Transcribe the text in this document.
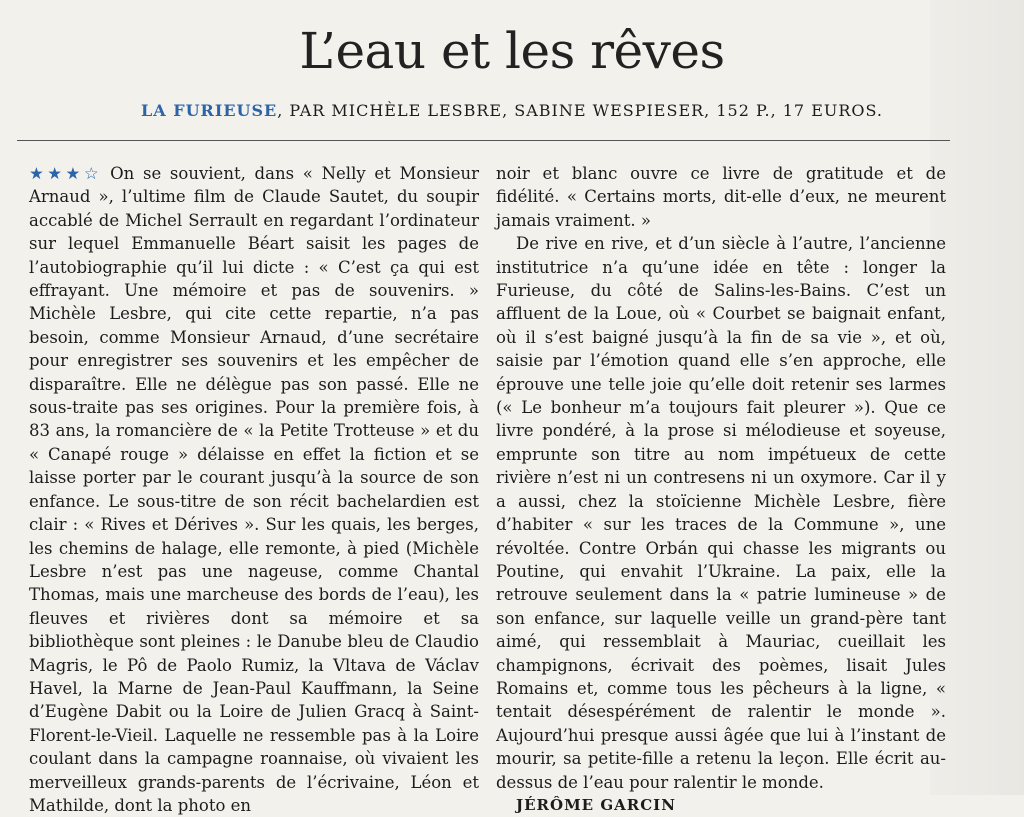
L’eau et les rêves

LA FURIEUSE, PAR MICHÈLE LESBRE, SABINE WESPIESER, 152 P., 17 EUROS.

★★★☆ On se souvient, dans « Nelly et Monsieur Arnaud », l’ultime film de Claude Sautet, du soupir accablé de Michel Serrault en regardant l’ordinateur sur lequel Emmanuelle Béart saisit les pages de l’autobiographie qu’il lui dicte : « C’est ça qui est effrayant. Une mémoire et pas de souvenirs. » Michèle Lesbre, qui cite cette repartie, n’a pas besoin, comme Monsieur Arnaud, d’une secrétaire pour enregistrer ses souvenirs et les empêcher de disparaître. Elle ne délègue pas son passé. Elle ne sous-traite pas ses origines. Pour la première fois, à 83 ans, la romancière de « la Petite Trotteuse » et du « Canapé rouge » délaisse en effet la fiction et se laisse porter par le courant jusqu’à la source de son enfance. Le sous-titre de son récit bachelardien est clair : « Rives et Dérives ». Sur les quais, les berges, les chemins de halage, elle remonte, à pied (Michèle Lesbre n’est pas une nageuse, comme Chantal Thomas, mais une marcheuse des bords de l’eau), les fleuves et rivières dont sa mémoire et sa bibliothèque sont pleines : le Danube bleu de Claudio Magris, le Pô de Paolo Rumiz, la Vltava de Václav Havel, la Marne de Jean-Paul Kauffmann, la Seine d’Eugène Dabit ou la Loire de Julien Gracq à Saint-Florent-le-Vieil. Laquelle ne ressemble pas à la Loire coulant dans la campagne roannaise, où vivaient les merveilleux grands-parents de l’écrivaine, Léon et Mathilde, dont la photo en

noir et blanc ouvre ce livre de gratitude et de fidélité. « Certains morts, dit-elle d’eux, ne meurent jamais vraiment. »

De rive en rive, et d’un siècle à l’autre, l’ancienne institutrice n’a qu’une idée en tête : longer la Furieuse, du côté de Salins-les-Bains. C’est un affluent de la Loue, où « Courbet se baignait enfant, où il s’est baigné jusqu’à la fin de sa vie », et où, saisie par l’émotion quand elle s’en approche, elle éprouve une telle joie qu’elle doit retenir ses larmes (« Le bonheur m’a toujours fait pleurer »). Que ce livre pondéré, à la prose si mélodieuse et soyeuse, emprunte son titre au nom impétueux de cette rivière n’est ni un contresens ni un oxymore. Car il y a aussi, chez la stoïcienne Michèle Lesbre, fière d’habiter « sur les traces de la Commune », une révoltée. Contre Orbán qui chasse les migrants ou Poutine, qui envahit l’Ukraine. La paix, elle la retrouve seulement dans la « patrie lumineuse » de son enfance, sur laquelle veille un grand-père tant aimé, qui ressemblait à Mauriac, cueillait les champignons, écrivait des poèmes, lisait Jules Romains et, comme tous les pêcheurs à la ligne, « tentait désespérément de ralentir le monde ». Aujourd’hui presque aussi âgée que lui à l’instant de mourir, sa petite-fille a retenu la leçon. Elle écrit au-dessus de l’eau pour ralentir le monde.

JÉRÔME GARCIN
